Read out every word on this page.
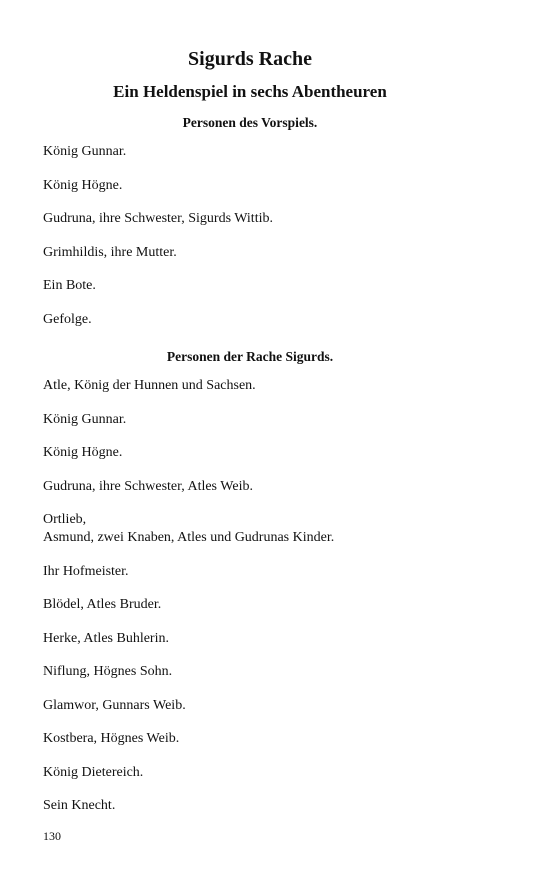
Sigurds Rache
Ein Heldenspiel in sechs Abentheuren
Personen des Vorspiels.
König Gunnar.
König Högne.
Gudruna, ihre Schwester, Sigurds Wittib.
Grimhildis, ihre Mutter.
Ein Bote.
Gefolge.
Personen der Rache Sigurds.
Atle, König der Hunnen und Sachsen.
König Gunnar.
König Högne.
Gudruna, ihre Schwester, Atles Weib.
Ortlieb,
Asmund, zwei Knaben, Atles und Gudrunas Kinder.
Ihr Hofmeister.
Blödel, Atles Bruder.
Herke, Atles Buhlerin.
Niflung, Högnes Sohn.
Glamwor, Gunnars Weib.
Kostbera, Högnes Weib.
König Dietereich.
Sein Knecht.
130
